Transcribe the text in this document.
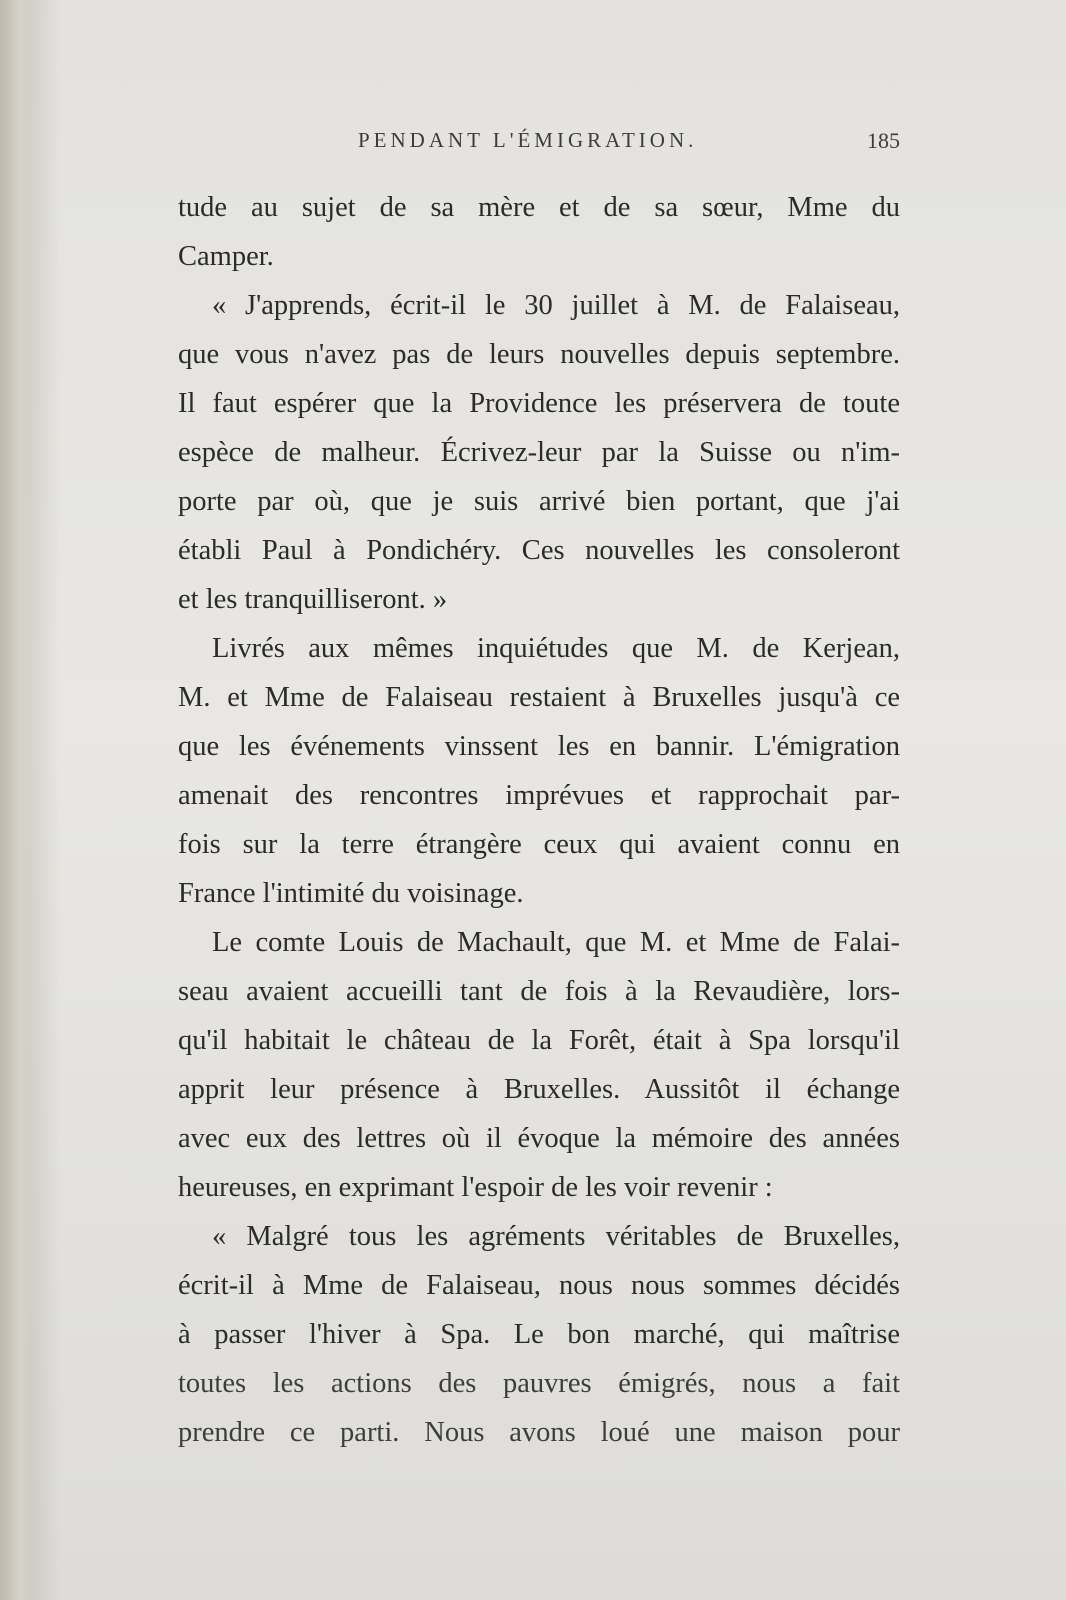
PENDANT L'ÉMIGRATION.	185
tude au sujet de sa mère et de sa sœur, Mme du
Camper.
« J'apprends, écrit-il le 30 juillet à M. de Falaiseau,
que vous n'avez pas de leurs nouvelles depuis septembre.
Il faut espérer que la Providence les préservera de toute
espèce de malheur. Écrivez-leur par la Suisse ou n'im-
porte par où, que je suis arrivé bien portant, que j'ai
établi Paul à Pondichéry. Ces nouvelles les consoleront
et les tranquilliseront. »
Livrés aux mêmes inquiétudes que M. de Kerjean,
M. et Mme de Falaiseau restaient à Bruxelles jusqu'à ce
que les événements vinssent les en bannir. L'émigration
amenait des rencontres imprévues et rapprochait par-
fois sur la terre étrangère ceux qui avaient connu en
France l'intimité du voisinage.
Le comte Louis de Machault, que M. et Mme de Falai-
seau avaient accueilli tant de fois à la Revaudière, lors-
qu'il habitait le château de la Forêt, était à Spa lorsqu'il
apprit leur présence à Bruxelles. Aussitôt il échange
avec eux des lettres où il évoque la mémoire des années
heureuses, en exprimant l'espoir de les voir revenir :
« Malgré tous les agréments véritables de Bruxelles,
écrit-il à Mme de Falaiseau, nous nous sommes décidés
à passer l'hiver à Spa. Le bon marché, qui maîtrise
toutes les actions des pauvres émigrés, nous a fait
prendre ce parti. Nous avons loué une maison pour
